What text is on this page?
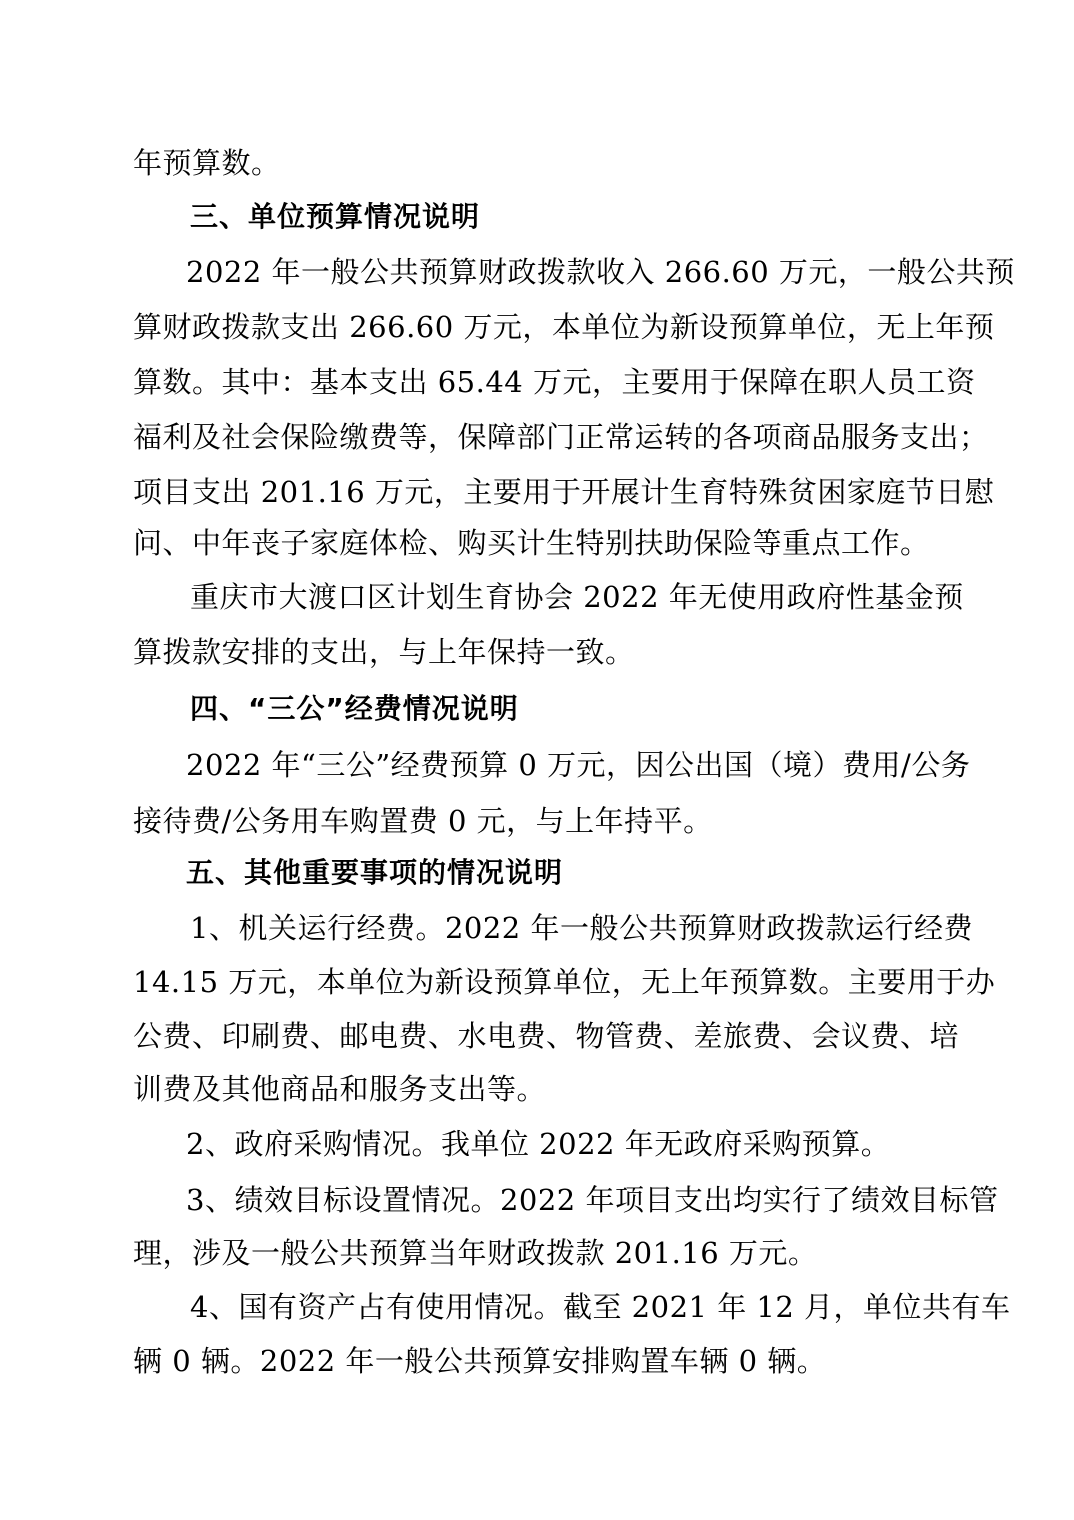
年预算数。
三、单位预算情况说明
2022 年一般公共预算财政拨款收入 266.60 万元，一般公共预
算财政拨款支出 266.60 万元，本单位为新设预算单位，无上年预
算数。其中：基本支出 65.44 万元，主要用于保障在职人员工资
福利及社会保险缴费等，保障部门正常运转的各项商品服务支出；
项目支出 201.16 万元，主要用于开展计生育特殊贫困家庭节日慰
问、中年丧子家庭体检、购买计生特别扶助保险等重点工作。
重庆市大渡口区计划生育协会 2022 年无使用政府性基金预
算拨款安排的支出，与上年保持一致。
四、“三公”经费情况说明
2022 年“三公”经费预算 0 万元，因公出国（境）费用/公务
接待费/公务用车购置费 0 元，与上年持平。
五、其他重要事项的情况说明
1、机关运行经费。2022 年一般公共预算财政拨款运行经费
14.15 万元，本单位为新设预算单位，无上年预算数。主要用于办
公费、印刷费、邮电费、水电费、物管费、差旅费、会议费、培
训费及其他商品和服务支出等。
2、政府采购情况。我单位 2022 年无政府采购预算。
3、绩效目标设置情况。2022 年项目支出均实行了绩效目标管
理，涉及一般公共预算当年财政拨款 201.16 万元。
4、国有资产占有使用情况。截至 2021 年 12 月，单位共有车
辆 0 辆。2022 年一般公共预算安排购置车辆 0 辆。
